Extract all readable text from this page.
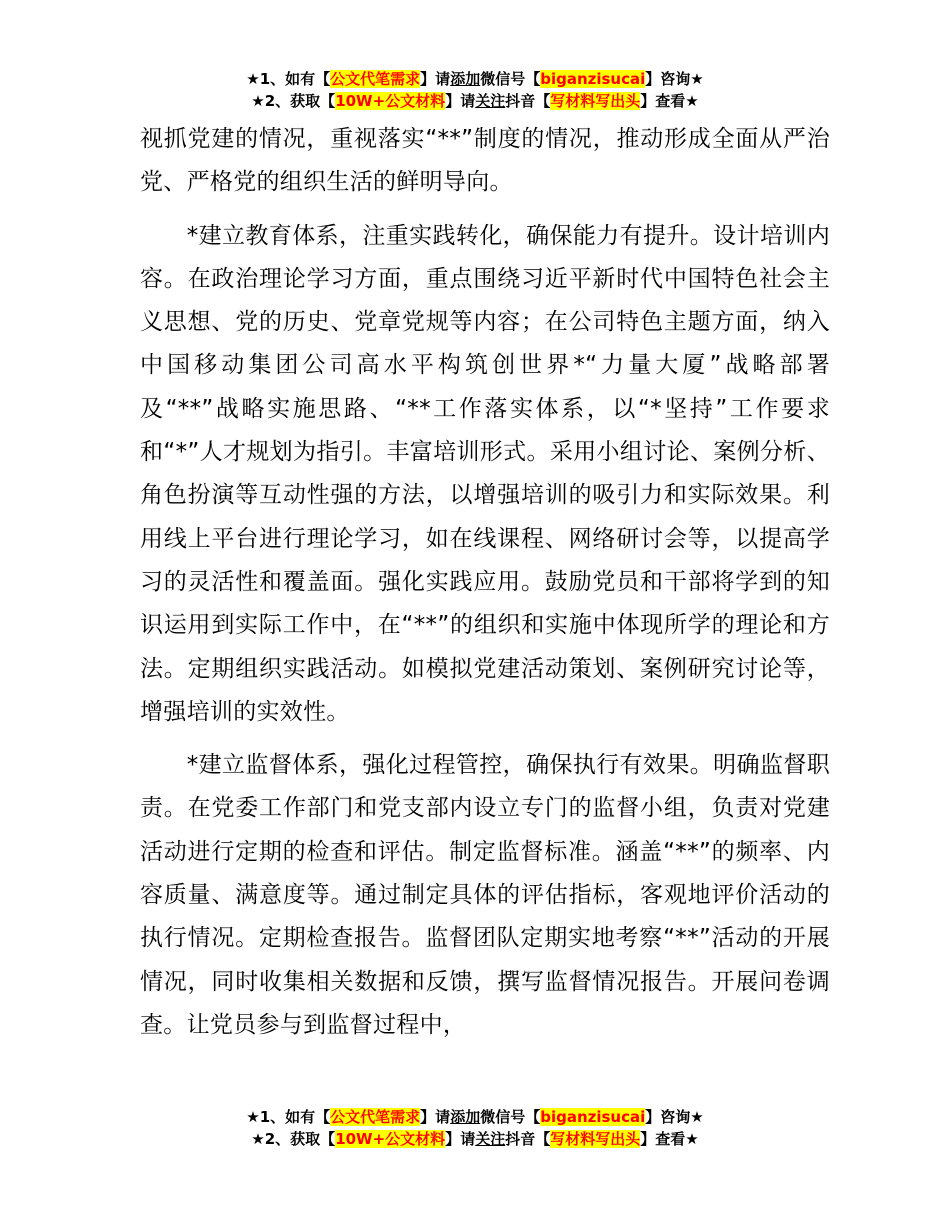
★1、如有【公文代笔需求】请添加微信号【biganzisucai】咨询★
★2、获取【10W+公文材料】请关注抖音【写材料写出头】查看★

视抓党建的情况，重视落实“**”制度的情况，推动形成全面从严治党、严格党的组织生活的鲜明导向。

　　*建立教育体系，注重实践转化，确保能力有提升。设计培训内容。在政治理论学习方面，重点围绕习近平新时代中国特色社会主义思想、党的历史、党章党规等内容；在公司特色主题方面，纳入中国移动集团公司高水平构筑创世界*“力量大厦”战略部署及“**”战略实施思路、“**工作落实体系，以“*坚持”工作要求和“*”人才规划为指引。丰富培训形式。采用小组讨论、案例分析、角色扮演等互动性强的方法，以增强培训的吸引力和实际效果。利用线上平台进行理论学习，如在线课程、网络研讨会等，以提高学习的灵活性和覆盖面。强化实践应用。鼓励党员和干部将学到的知识运用到实际工作中，在“**”的组织和实施中体现所学的理论和方法。定期组织实践活动。如模拟党建活动策划、案例研究讨论等，增强培训的实效性。

　　*建立监督体系，强化过程管控，确保执行有效果。明确监督职责。在党委工作部门和党支部内设立专门的监督小组，负责对党建活动进行定期的检查和评估。制定监督标准。涵盖“**”的频率、内容质量、满意度等。通过制定具体的评估指标，客观地评价活动的执行情况。定期检查报告。监督团队定期实地考察“**”活动的开展情况，同时收集相关数据和反馈，撰写监督情况报告。开展问卷调查。让党员参与到监督过程中，

★1、如有【公文代笔需求】请添加微信号【biganzisucai】咨询★
★2、获取【10W+公文材料】请关注抖音【写材料写出头】查看★
